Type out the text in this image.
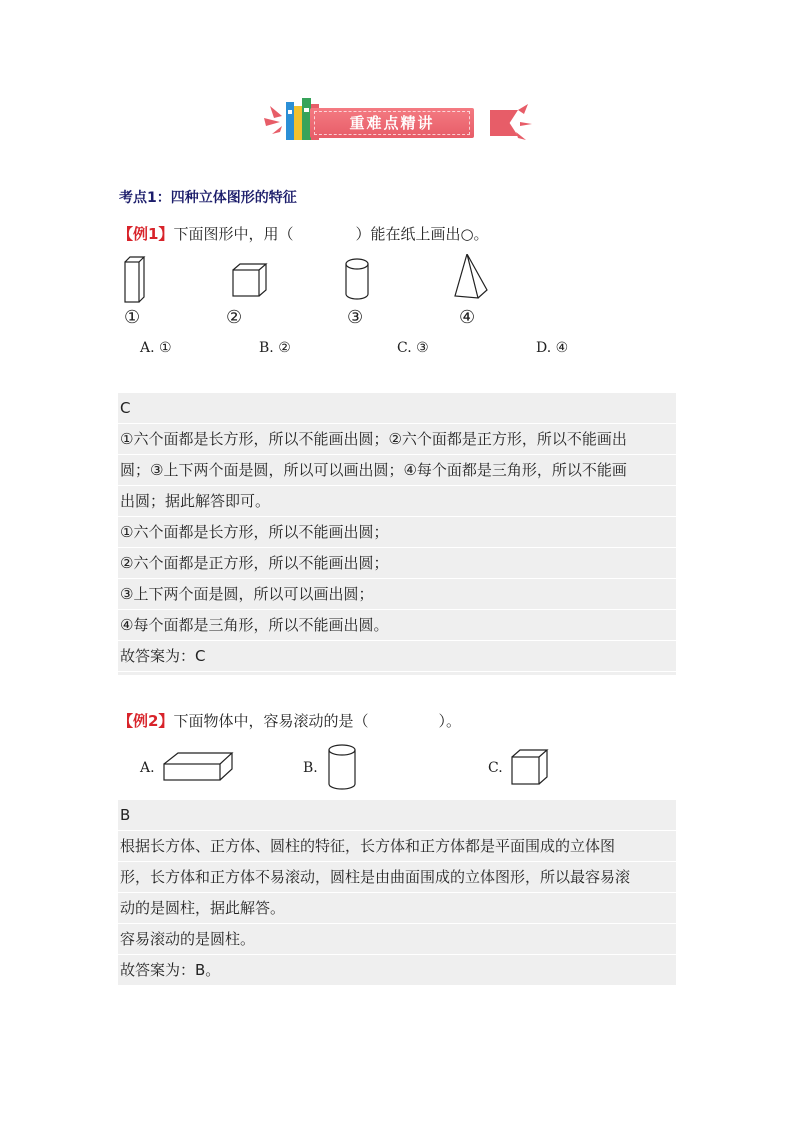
重难点精讲
考点1：四种立体图形的特征
【例1】下面图形中，用（	）能在纸上画出○。
①	②	③	④
A. ①	B. ②	C. ③	D. ④
C
①六个面都是长方形，所以不能画出圆；②六个面都是正方形，所以不能画出
圆；③上下两个面是圆，所以可以画出圆；④每个面都是三角形，所以不能画
出圆；据此解答即可。
①六个面都是长方形，所以不能画出圆；
②六个面都是正方形，所以不能画出圆；
③上下两个面是圆，所以可以画出圆；
④每个面都是三角形，所以不能画出圆。
故答案为：C
【例2】下面物体中，容易滚动的是（	）。
A.	B.	C.
B
根据长方体、正方体、圆柱的特征，长方体和正方体都是平面围成的立体图
形，长方体和正方体不易滚动，圆柱是由曲面围成的立体图形，所以最容易滚
动的是圆柱，据此解答。
容易滚动的是圆柱。
故答案为：B。
